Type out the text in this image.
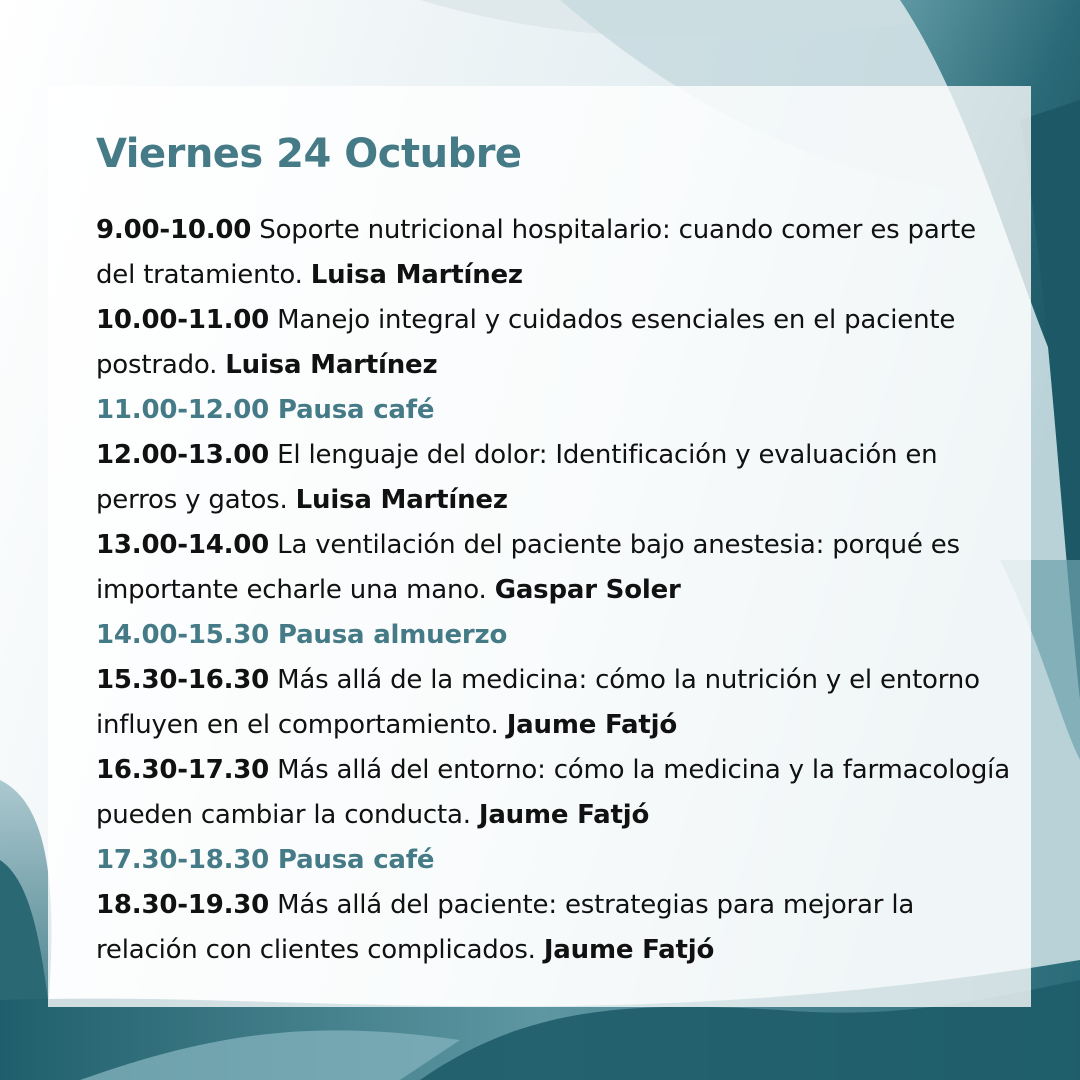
Viernes 24 Octubre

9.00-10.00 Soporte nutricional hospitalario: cuando comer es parte del tratamiento. Luisa Martínez

10.00-11.00 Manejo integral y cuidados esenciales en el paciente postrado. Luisa Martínez

11.00-12.00 Pausa café

12.00-13.00 El lenguaje del dolor: Identificación y evaluación en perros y gatos. Luisa Martínez

13.00-14.00 La ventilación del paciente bajo anestesia: porqué es importante echarle una mano. Gaspar Soler

14.00-15.30 Pausa almuerzo

15.30-16.30 Más allá de la medicina: cómo la nutrición y el entorno influyen en el comportamiento. Jaume Fatjó

16.30-17.30 Más allá del entorno: cómo la medicina y la farmacología pueden cambiar la conducta. Jaume Fatjó

17.30-18.30 Pausa café

18.30-19.30 Más allá del paciente: estrategias para mejorar la relación con clientes complicados. Jaume Fatjó
